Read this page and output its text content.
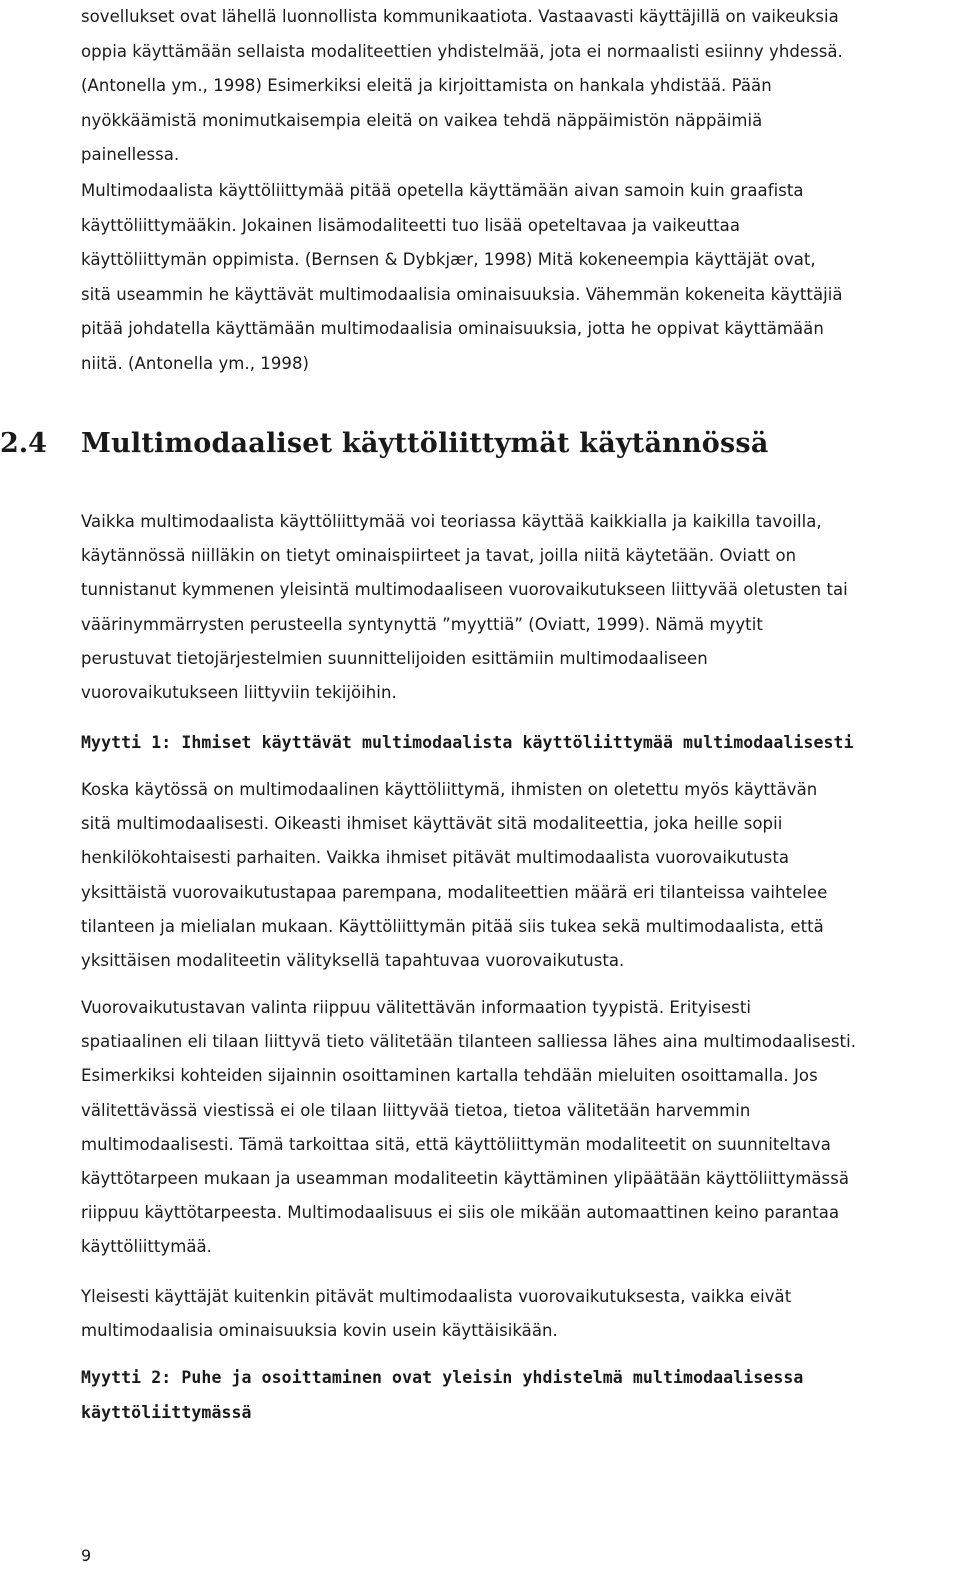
sovellukset ovat lähellä luonnollista kommunikaatiota. Vastaavasti käyttäjillä on vaikeuksia
oppia käyttämään sellaista modaliteettien yhdistelmää, jota ei normaalisti esiinny yhdessä.
(Antonella ym., 1998) Esimerkiksi eleitä ja kirjoittamista on hankala yhdistää. Pään
nyökkäämistä monimutkaisempia eleitä on vaikea tehdä näppäimistön näppäimiä
painellessa.
Multimodaalista käyttöliittymää pitää opetella käyttämään aivan samoin kuin graafista
käyttöliittymääkin. Jokainen lisämodaliteetti tuo lisää opeteltavaa ja vaikeuttaa
käyttöliittymän oppimista. (Bernsen & Dybkjær, 1998) Mitä kokeneempia käyttäjät ovat,
sitä useammin he käyttävät multimodaalisia ominaisuuksia. Vähemmän kokeneita käyttäjiä
pitää johdatella käyttämään multimodaalisia ominaisuuksia, jotta he oppivat käyttämään
niitä. (Antonella ym., 1998)
2.4 Multimodaaliset käyttöliittymät käytännössä
Vaikka multimodaalista käyttöliittymää voi teoriassa käyttää kaikkialla ja kaikilla tavoilla,
käytännössä niilläkin on tietyt ominaispiirteet ja tavat, joilla niitä käytetään. Oviatt on
tunnistanut kymmenen yleisintä multimodaaliseen vuorovaikutukseen liittyvää oletusten tai
väärinymmärrysten perusteella syntynyttä ”myyttiä” (Oviatt, 1999). Nämä myytit
perustuvat tietojärjestelmien suunnittelijoiden esittämiin multimodaaliseen
vuorovaikutukseen liittyviin tekijöihin.
Myytti 1: Ihmiset käyttävät multimodaalista käyttöliittymää multimodaalisesti
Koska käytössä on multimodaalinen käyttöliittymä, ihmisten on oletettu myös käyttävän
sitä multimodaalisesti. Oikeasti ihmiset käyttävät sitä modaliteettia, joka heille sopii
henkilökohtaisesti parhaiten. Vaikka ihmiset pitävät multimodaalista vuorovaikutusta
yksittäistä vuorovaikutustapaa parempana, modaliteettien määrä eri tilanteissa vaihtelee
tilanteen ja mielialan mukaan. Käyttöliittymän pitää siis tukea sekä multimodaalista, että
yksittäisen modaliteetin välityksellä tapahtuvaa vuorovaikutusta.
Vuorovaikutustavan valinta riippuu välitettävän informaation tyypistä. Erityisesti
spatiaalinen eli tilaan liittyvä tieto välitetään tilanteen salliessa lähes aina multimodaalisesti.
Esimerkiksi kohteiden sijainnin osoittaminen kartalla tehdään mieluiten osoittamalla. Jos
välitettävässä viestissä ei ole tilaan liittyvää tietoa, tietoa välitetään harvemmin
multimodaalisesti. Tämä tarkoittaa sitä, että käyttöliittymän modaliteetit on suunniteltava
käyttötarpeen mukaan ja useamman modaliteetin käyttäminen ylipäätään käyttöliittymässä
riippuu käyttötarpeesta. Multimodaalisuus ei siis ole mikään automaattinen keino parantaa
käyttöliittymää.
Yleisesti käyttäjät kuitenkin pitävät multimodaalista vuorovaikutuksesta, vaikka eivät
multimodaalisia ominaisuuksia kovin usein käyttäisikään.
Myytti 2: Puhe ja osoittaminen ovat yleisin yhdistelmä multimodaalisessa
käyttöliittymässä
9
